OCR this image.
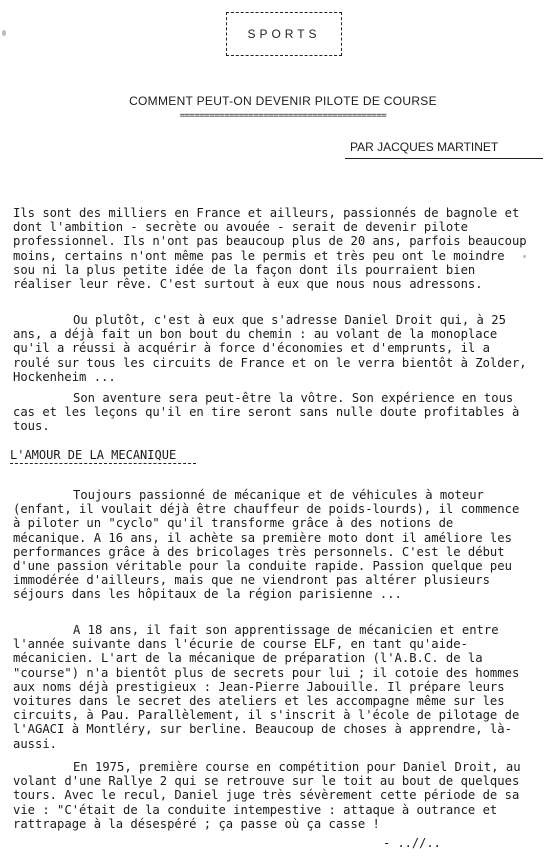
SPORTS
COMMENT PEUT-ON DEVENIR PILOTE DE COURSE
==========================================
PAR JACQUES MARTINET

Ils sont des milliers en France et ailleurs, passionnés de bagnole et dont l'ambition - secrète ou avouée - serait de devenir pilote professionnel. Ils n'ont pas beaucoup plus de 20 ans, parfois beaucoup moins, certains n'ont même pas le permis et très peu ont le moindre sou ni la plus petite idée de la façon dont ils pourraient bien réaliser leur rêve. C'est surtout à eux que nous nous adressons.

Ou plutôt, c'est à eux que s'adresse Daniel Droit qui, à 25 ans, a déjà fait un bon bout du chemin : au volant de la monoplace qu'il a réussi à acquérir à force d'économies et d'emprunts, il a roulé sur tous les circuits de France et on le verra bientôt à Zolder, Hockenheim ...

Son aventure sera peut-être la vôtre. Son expérience en tous cas et les leçons qu'il en tire seront sans nulle doute profitables à tous.

L'AMOUR DE LA MECANIQUE

Toujours passionné de mécanique et de véhicules à moteur (enfant, il voulait déjà être chauffeur de poids-lourds), il commence à piloter un "cyclo" qu'il transforme grâce à des notions de mécanique. A 16 ans, il achète sa première moto dont il améliore les performances grâce à des bricolages très personnels. C'est le début d'une passion véritable pour la conduite rapide. Passion quelque peu immodérée d'ailleurs, mais que ne viendront pas altérer plusieurs séjours dans les hôpitaux de la région parisienne ...

A 18 ans, il fait son apprentissage de mécanicien et entre l'année suivante dans l'écurie de course ELF, en tant qu'aide-mécanicien. L'art de la mécanique de préparation (l'A.B.C. de la "course") n'a bientôt plus de secrets pour lui ; il cotoie des hommes aux noms déjà prestigieux : Jean-Pierre Jabouille. Il prépare leurs voitures dans le secret des ateliers et les accompagne même sur les circuits, à Pau. Parallèlement, il s'inscrit à l'école de pilotage de l'AGACI à Montléry, sur berline. Beaucoup de choses à apprendre, là-aussi.

En 1975, première course en compétition pour Daniel Droit, au volant d'une Rallye 2 qui se retrouve sur le toit au bout de quelques tours. Avec le recul, Daniel juge très sévèrement cette période de sa vie : "C'était de la conduite intempestive : attaque à outrance et rattrapage à la désespéré ; ça passe où ça casse !

- ..//..
